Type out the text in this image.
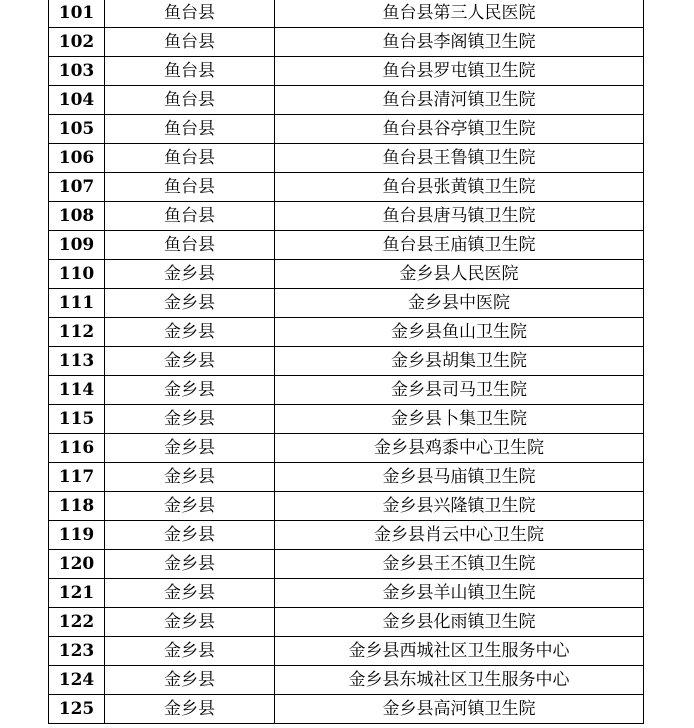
101	鱼台县	鱼台县第三人民医院
102	鱼台县	鱼台县李阁镇卫生院
103	鱼台县	鱼台县罗屯镇卫生院
104	鱼台县	鱼台县清河镇卫生院
105	鱼台县	鱼台县谷亭镇卫生院
106	鱼台县	鱼台县王鲁镇卫生院
107	鱼台县	鱼台县张黄镇卫生院
108	鱼台县	鱼台县唐马镇卫生院
109	鱼台县	鱼台县王庙镇卫生院
110	金乡县	金乡县人民医院
111	金乡县	金乡县中医院
112	金乡县	金乡县鱼山卫生院
113	金乡县	金乡县胡集卫生院
114	金乡县	金乡县司马卫生院
115	金乡县	金乡县卜集卫生院
116	金乡县	金乡县鸡黍中心卫生院
117	金乡县	金乡县马庙镇卫生院
118	金乡县	金乡县兴隆镇卫生院
119	金乡县	金乡县肖云中心卫生院
120	金乡县	金乡县王丕镇卫生院
121	金乡县	金乡县羊山镇卫生院
122	金乡县	金乡县化雨镇卫生院
123	金乡县	金乡县西城社区卫生服务中心
124	金乡县	金乡县东城社区卫生服务中心
125	金乡县	金乡县高河镇卫生院
